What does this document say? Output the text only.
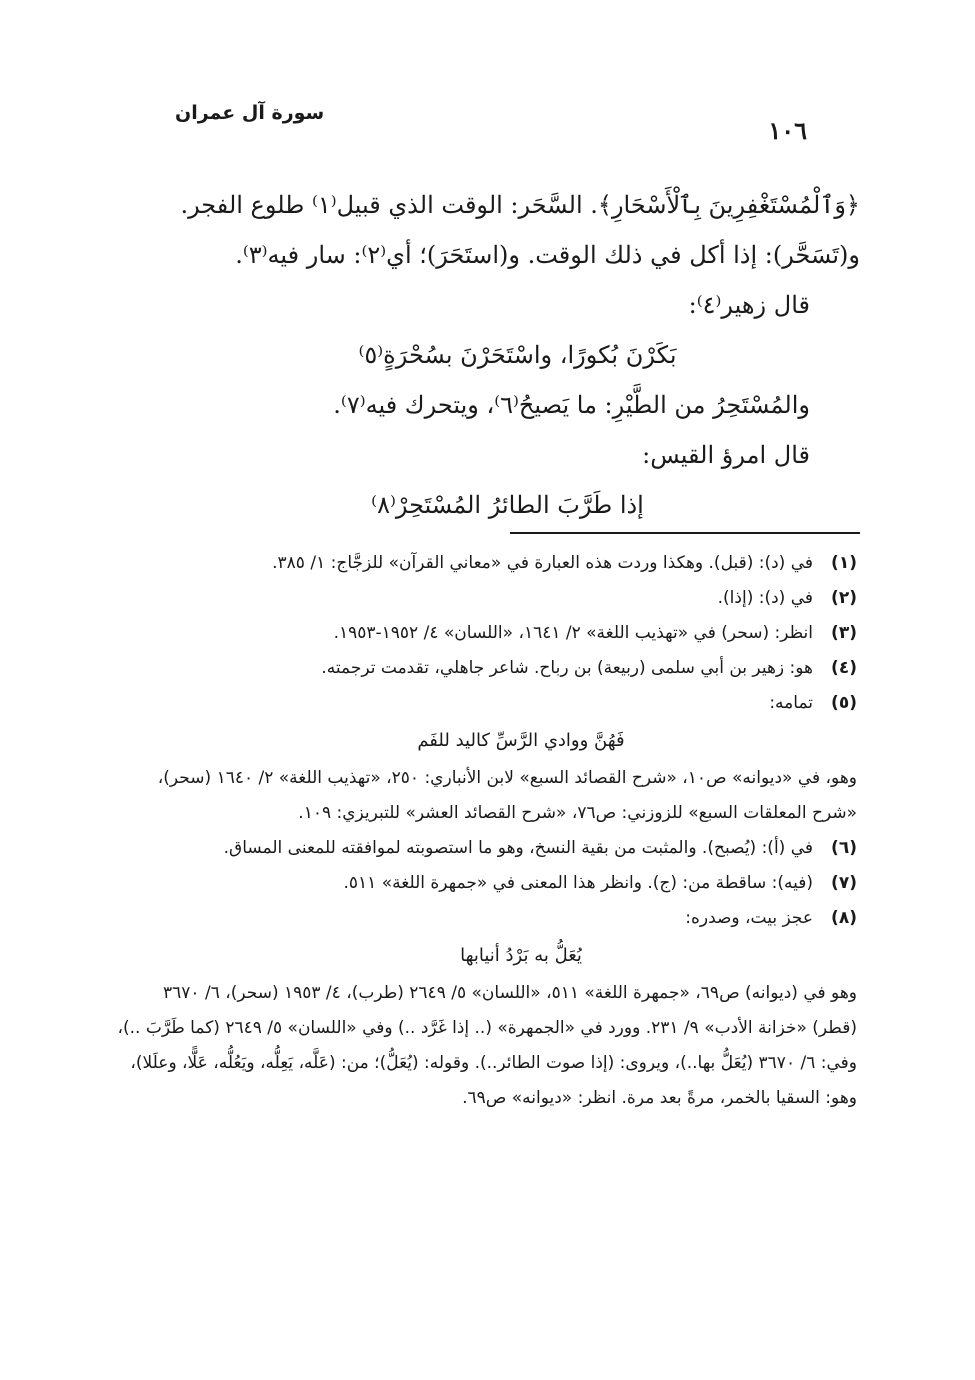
١٠٦
سورة آل عمران

﴿وَٱلْمُسْتَغْفِرِينَ بِٱلْأَسْحَارِ﴾. السَّحَر: الوقت الذي قبيل⁽١⁾ طلوع الفجر.

و(تَسَحَّر): إذا أكل في ذلك الوقت. و(استَحَرَ)؛ أي⁽٢⁾: سار فيه⁽٣⁾.

قال زهير⁽٤⁾:

بَكَرْنَ بُكورًا، واسْتَحَرْنَ بسُحْرَةٍ⁽٥⁾

والمُسْتَحِرُ من الطَّيْرِ: ما يَصيحُ⁽٦⁾، ويتحرك فيه⁽٧⁾.

قال امرؤ القيس:

إذا طَرَّبَ الطائرُ المُسْتَحِرْ⁽٨⁾

(١)
في (د): (قبل). وهكذا وردت هذه العبارة في «معاني القرآن» للزجَّاج: ١/ ٣٨٥.
(٢)
في (د): (إذا).
(٣)
انظر: (سحر) في «تهذيب اللغة» ٢/ ١٦٤١، «اللسان» ٤/ ١٩٥٢-١٩٥٣.
(٤)
هو: زهير بن أبي سلمى (ربيعة) بن رباح. شاعر جاهلي، تقدمت ترجمته.
(٥)
تمامه:
فَهُنَّ ووادي الرَّسِّ كاليد للفَم

وهو، في «ديوانه» ص١٠، «شرح القصائد السبع» لابن الأنباري: ٢٥٠، «تهذيب اللغة» ٢/ ١٦٤٠ (سحر)، «شرح المعلقات السبع» للزوزني: ص٧٦، «شرح القصائد العشر» للتبريزي: ١٠٩.

(٦)
في (أ): (يُصبح). والمثبت من بقية النسخ، وهو ما استصوبته لموافقته للمعنى المساق.
(٧)
(فيه): ساقطة من: (ج). وانظر هذا المعنى في «جمهرة اللغة» ٥١١.
(٨)
عجز بيت، وصدره:
يُعَلُّ به بَرْدُ أنيابها

وهو في (ديوانه) ص٦٩، «جمهرة اللغة» ٥١١، «اللسان» ٥/ ٢٦٤٩ (طرب)، ٤/ ١٩٥٣ (سحر)، ٦/ ٣٦٧٠ (قطر) «خزانة الأدب» ٩/ ٢٣١. وورد في «الجمهرة» (.. إذا غَرَّد ..) وفي «اللسان» ٥/ ٢٦٤٩ (كما طَرَّبَ ..)، وفي: ٦/ ٣٦٧٠ (يُعَلُّ بها..)، ويروى: (إذا صوت الطائر..). وقوله: (يُعَلُّ)؛ من: (عَلَّه، يَعِلُّه، ويَعُلُّه، عَلًّا، وعلَلا)، وهو: السقيا بالخمر، مرةً بعد مرة. انظر: «ديوانه» ص٦٩.
